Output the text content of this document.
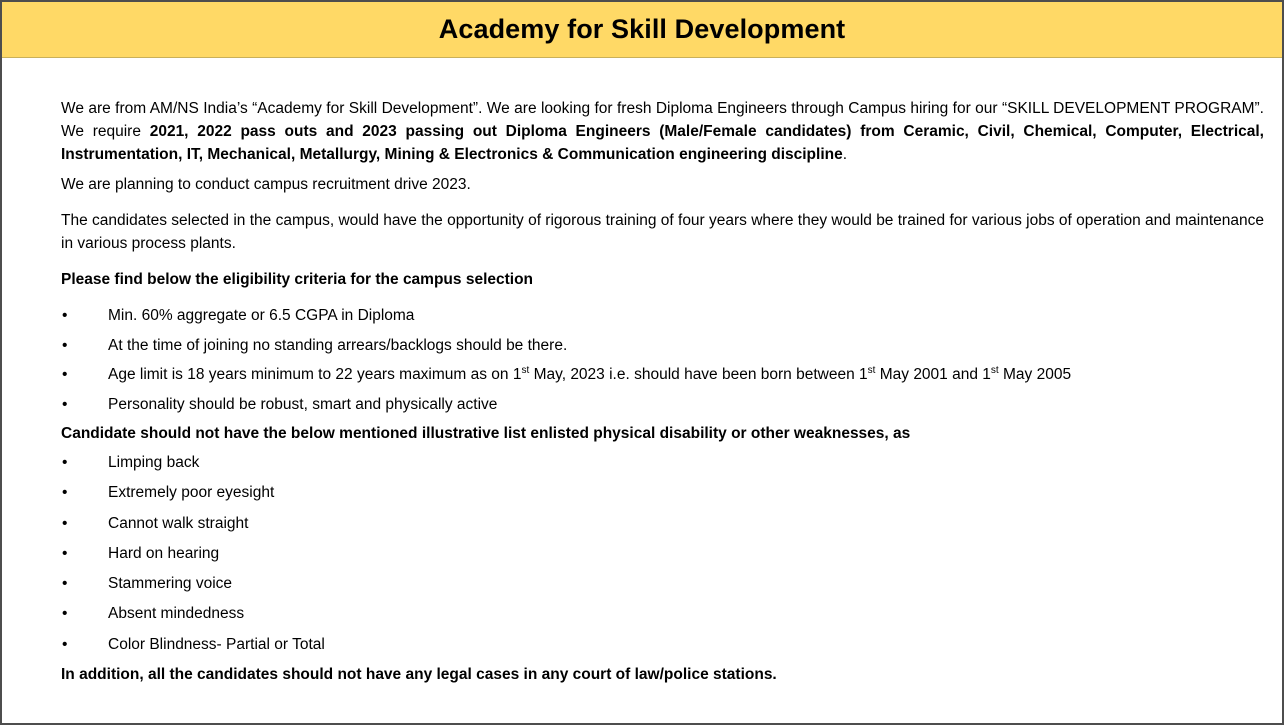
Academy for Skill Development

We are from AM/NS India’s “Academy for Skill Development”. We are looking for fresh Diploma Engineers through Campus hiring for our “SKILL DEVELOPMENT PROGRAM”. We require 2021, 2022 pass outs and 2023 passing out Diploma Engineers (Male/Female candidates) from Ceramic, Civil, Chemical, Computer, Electrical, Instrumentation, IT, Mechanical, Metallurgy, Mining & Electronics & Communication engineering discipline.

We are planning to conduct campus recruitment drive 2023.

The candidates selected in the campus, would have the opportunity of rigorous training of four years where they would be trained for various jobs of operation and maintenance in various process plants.

Please find below the eligibility criteria for the campus selection

•	Min. 60% aggregate or 6.5 CGPA in Diploma
•	At the time of joining no standing arrears/backlogs should be there.
•	Age limit is 18 years minimum to 22 years maximum as on 1st May, 2023 i.e. should have been born between 1st May 2001 and 1st May 2005
•	Personality should be robust, smart and physically active

Candidate should not have the below mentioned illustrative list enlisted physical disability or other weaknesses, as

•	Limping back
•	Extremely poor eyesight
•	Cannot walk straight
•	Hard on hearing
•	Stammering voice
•	Absent mindedness
•	Color Blindness- Partial or Total

In addition, all the candidates should not have any legal cases in any court of law/police stations.
